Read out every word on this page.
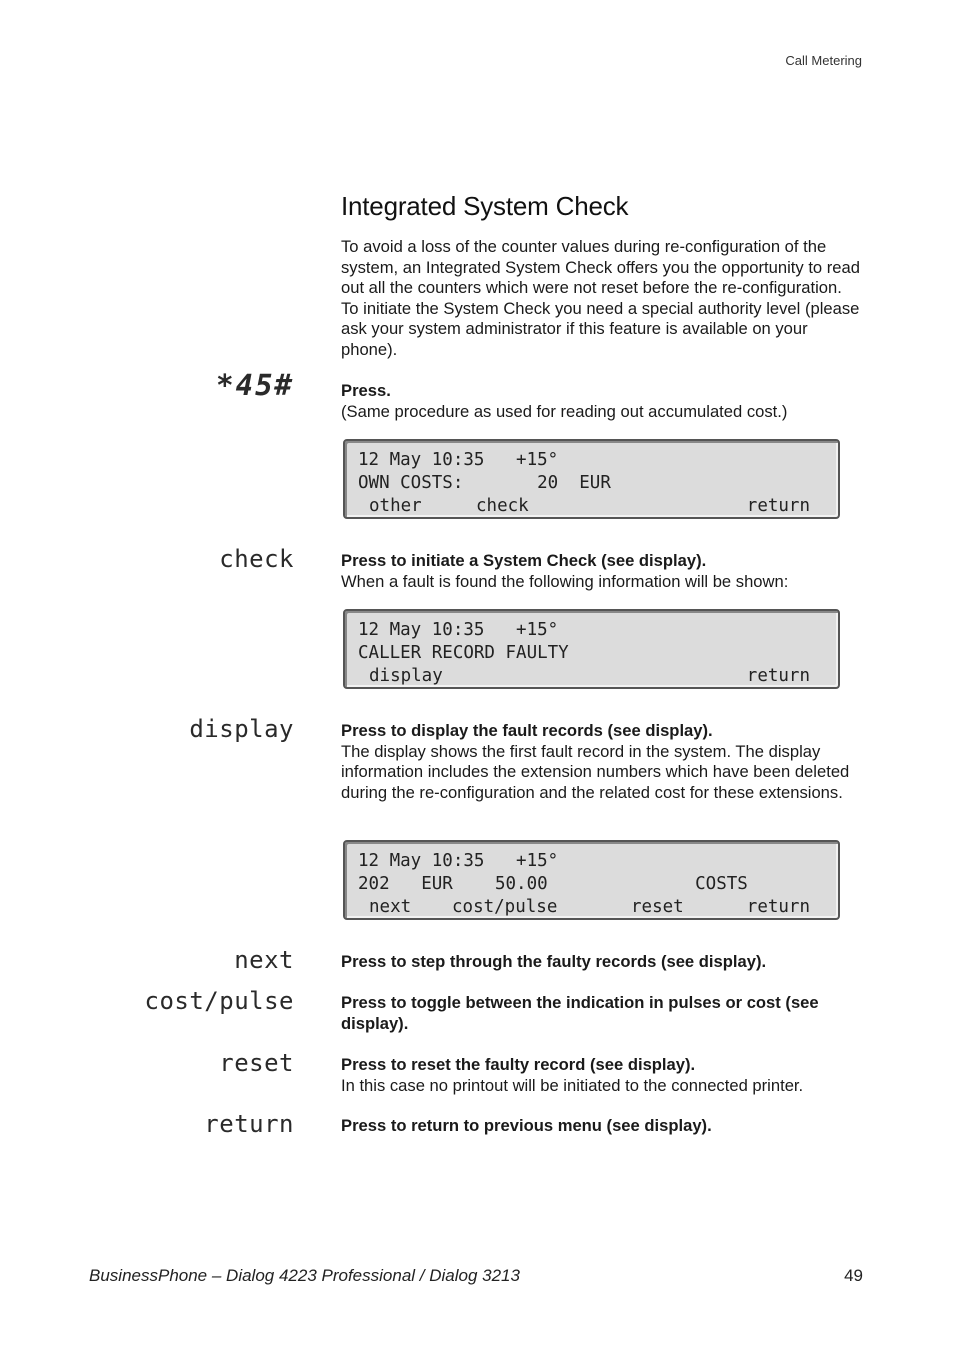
Call Metering
Integrated System Check

To avoid a loss of the counter values during re-configuration of the system, an Integrated System Check offers you the opportunity to read out all the counters which were not reset before the re-configuration. To initiate the System Check you need a special authority level (please ask your system administrator if this feature is available on your phone).

*45#	Press.
(Same procedure as used for reading out accumulated cost.)
12 May 10:35   +15°
OWN COSTS:       20  EUR
other	check	return
check	Press to initiate a System Check (see display).
When a fault is found the following information will be shown:
12 May 10:35   +15°
CALLER RECORD FAULTY
display	return
display	Press to display the fault records (see display).
The display shows the first fault record in the system. The display information includes the extension numbers which have been deleted during the re-configuration and the related cost for these extensions.
12 May 10:35   +15°
202   EUR    50.00              COSTS
next cost/pulse	reset	return
next	Press to step through the faulty records (see display).
cost/pulse	Press to toggle between the indication in pulses or cost (see display).
reset	Press to reset the faulty record (see display).
In this case no printout will be initiated to the connected printer.
return	Press to return to previous menu (see display).
BusinessPhone – Dialog 4223 Professional / Dialog 3213	49
